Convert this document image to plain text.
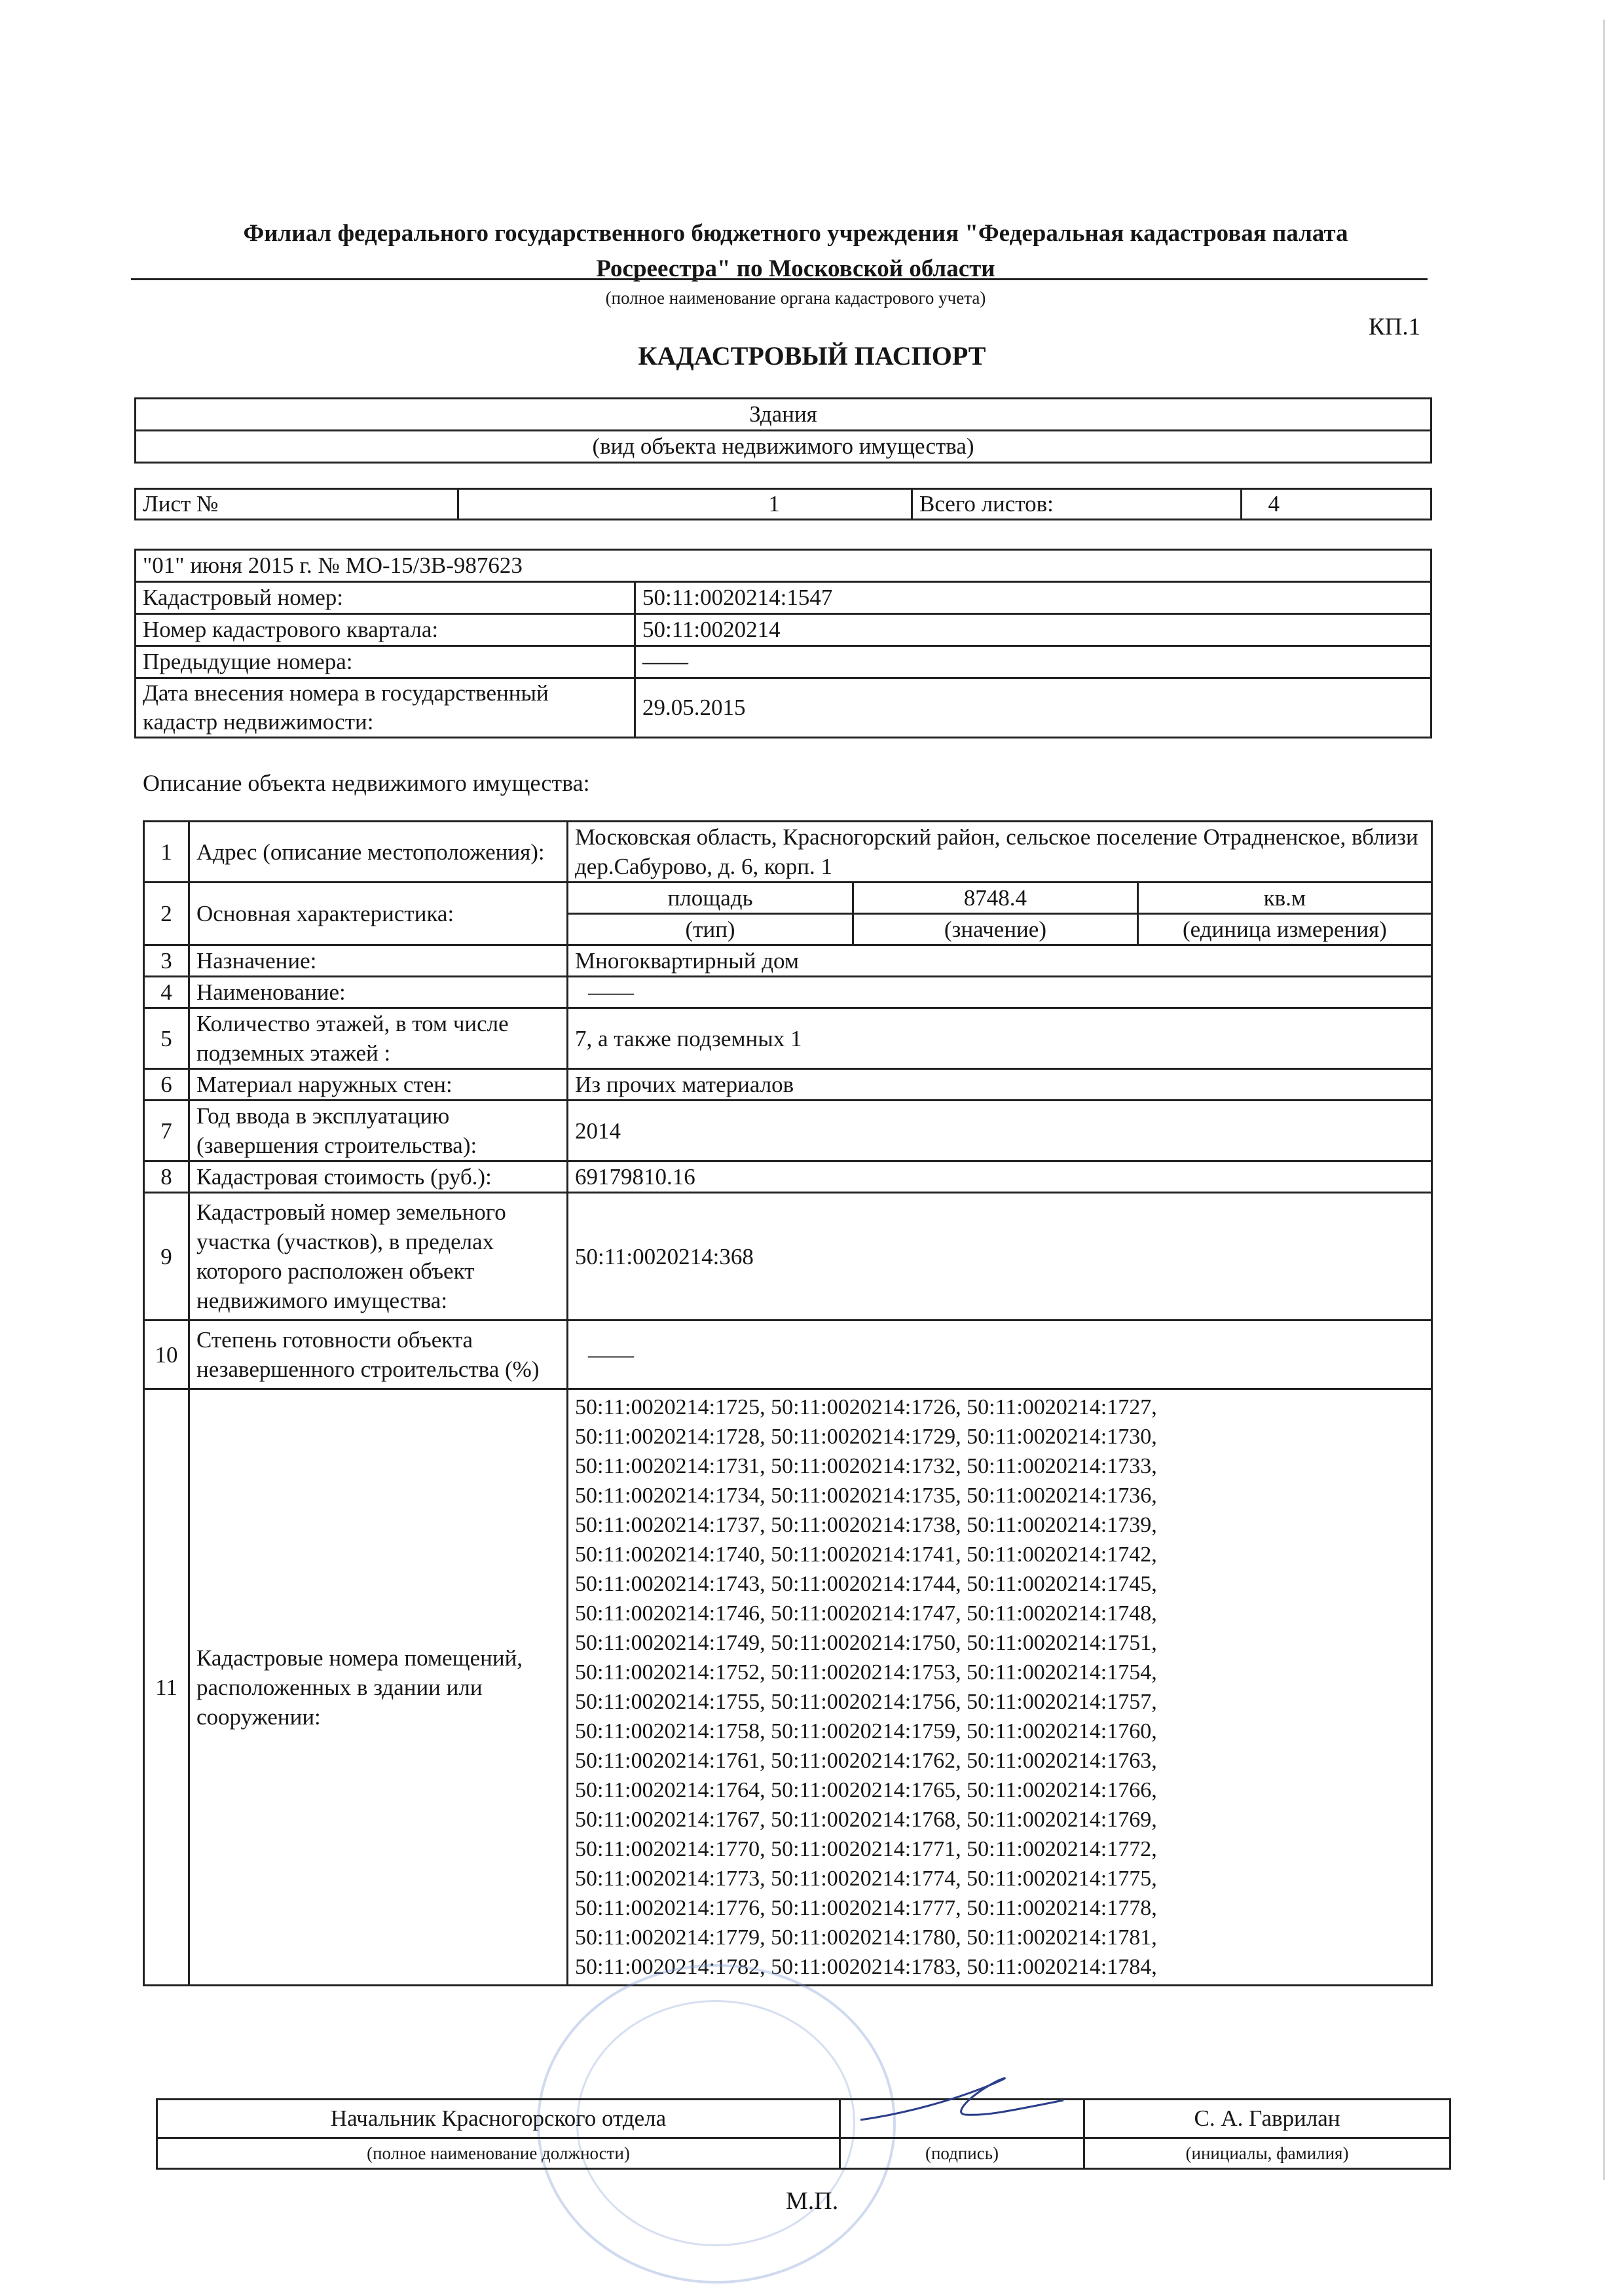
Филиал федерального государственного бюджетного учреждения "Федеральная кадастровая палата
Росреестра" по Московской области
(полное наименование органа кадастрового учета)
КП.1
КАДАСТРОВЫЙ ПАСПОРТ
Здания
(вид объекта недвижимого имущества)
Лист №	1	Всего листов:	4
"01" июня 2015 г. № МО-15/3В-987623	
Кадастровый номер:	50:11:0020214:1547
Номер кадастрового квартала:	50:11:0020214
Предыдущие номера:	——
Дата внесения номера в государственный кадастр недвижимости:	29.05.2015
Описание объекта недвижимого имущества:
1	Адрес (описание местоположения):	Московская область, Красногорский район, сельское поселение Отрадненское, вблизи дер.Сабурово, д. 6, корп. 1
2	Основная характеристика:	
площадь	8748.4	кв.м
(тип)	(значение)	(единица измерения)

3	Назначение:	Многоквартирный дом
4	Наименование:	——
5	Количество этажей, в том числе подземных этажей :	7, а также подземных 1
6	Материал наружных стен:	Из прочих материалов
7	Год ввода в эксплуатацию (завершения строительства):	2014
8	Кадастровая стоимость (руб.):	69179810.16
9	Кадастровый номер земельного участка (участков), в пределах которого расположен объект недвижимого имущества:	50:11:0020214:368
10	Степень готовности объекта незавершенного строительства (%)	——
11	Кадастровые номера помещений, расположенных в здании или сооружении:	
50:11:0020214:1725, 50:11:0020214:1726, 50:11:0020214:1727,
50:11:0020214:1728, 50:11:0020214:1729, 50:11:0020214:1730,
50:11:0020214:1731, 50:11:0020214:1732, 50:11:0020214:1733,
50:11:0020214:1734, 50:11:0020214:1735, 50:11:0020214:1736,
50:11:0020214:1737, 50:11:0020214:1738, 50:11:0020214:1739,
50:11:0020214:1740, 50:11:0020214:1741, 50:11:0020214:1742,
50:11:0020214:1743, 50:11:0020214:1744, 50:11:0020214:1745,
50:11:0020214:1746, 50:11:0020214:1747, 50:11:0020214:1748,
50:11:0020214:1749, 50:11:0020214:1750, 50:11:0020214:1751,
50:11:0020214:1752, 50:11:0020214:1753, 50:11:0020214:1754,
50:11:0020214:1755, 50:11:0020214:1756, 50:11:0020214:1757,
50:11:0020214:1758, 50:11:0020214:1759, 50:11:0020214:1760,
50:11:0020214:1761, 50:11:0020214:1762, 50:11:0020214:1763,
50:11:0020214:1764, 50:11:0020214:1765, 50:11:0020214:1766,
50:11:0020214:1767, 50:11:0020214:1768, 50:11:0020214:1769,
50:11:0020214:1770, 50:11:0020214:1771, 50:11:0020214:1772,
50:11:0020214:1773, 50:11:0020214:1774, 50:11:0020214:1775,
50:11:0020214:1776, 50:11:0020214:1777, 50:11:0020214:1778,
50:11:0020214:1779, 50:11:0020214:1780, 50:11:0020214:1781,
50:11:0020214:1782, 50:11:0020214:1783, 50:11:0020214:1784,
Начальник Красногорского отдела		С. А. Гаврилан
(полное наименование должности)	(подпись)	(инициалы, фамилия)
М.П.
